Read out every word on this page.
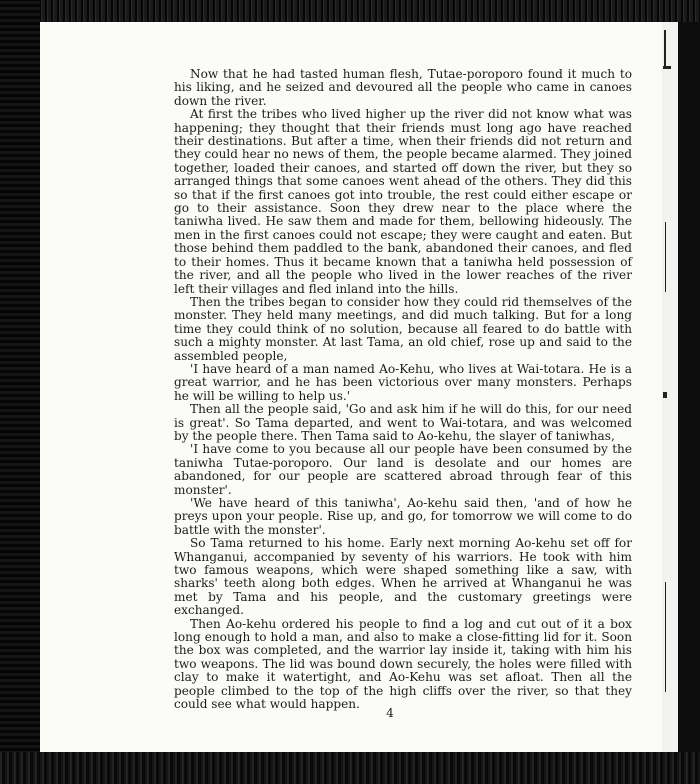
Now that he had tasted human flesh, Tutae-poroporo found it much to his liking, and he seized and devoured all the people who came in canoes down the river.

At first the tribes who lived higher up the river did not know what was happening; they thought that their friends must long ago have reached their destinations. But after a time, when their friends did not return and they could hear no news of them, the people became alarmed. They joined together, loaded their canoes, and started off down the river, but they so arranged things that some canoes went ahead of the others. They did this so that if the first canoes got into trouble, the rest could either escape or go to their assistance. Soon they drew near to the place where the taniwha lived. He saw them and made for them, bellowing hideously. The men in the first canoes could not escape; they were caught and eaten. But those behind them paddled to the bank, abandoned their canoes, and fled to their homes. Thus it became known that a taniwha held possession of the river, and all the people who lived in the lower reaches of the river left their villages and fled inland into the hills.

Then the tribes began to consider how they could rid themselves of the monster. They held many meetings, and did much talking. But for a long time they could think of no solution, because all feared to do battle with such a mighty monster. At last Tama, an old chief, rose up and said to the assembled people,

'I have heard of a man named Ao-Kehu, who lives at Wai-totara. He is a great warrior, and he has been victorious over many monsters. Perhaps he will be willing to help us.'

Then all the people said, 'Go and ask him if he will do this, for our need is great'. So Tama departed, and went to Wai-totara, and was welcomed by the people there. Then Tama said to Ao-kehu, the slayer of taniwhas,

'I have come to you because all our people have been consumed by the taniwha Tutae-poroporo. Our land is desolate and our homes are abandoned, for our people are scattered abroad through fear of this monster'.

'We have heard of this taniwha', Ao-kehu said then, 'and of how he preys upon your people. Rise up, and go, for tomorrow we will come to do battle with the monster'.

So Tama returned to his home. Early next morning Ao-kehu set off for Whanganui, accompanied by seventy of his warriors. He took with him two famous weapons, which were shaped something like a saw, with sharks' teeth along both edges. When he arrived at Whanganui he was met by Tama and his people, and the customary greetings were exchanged.

Then Ao-kehu ordered his people to find a log and cut out of it a box long enough to hold a man, and also to make a close-fitting lid for it. Soon the box was completed, and the warrior lay inside it, taking with him his two weapons. The lid was bound down securely, the holes were filled with clay to make it watertight, and Ao-Kehu was set afloat. Then all the people climbed to the top of the high cliffs over the river, so that they could see what would happen.

4
